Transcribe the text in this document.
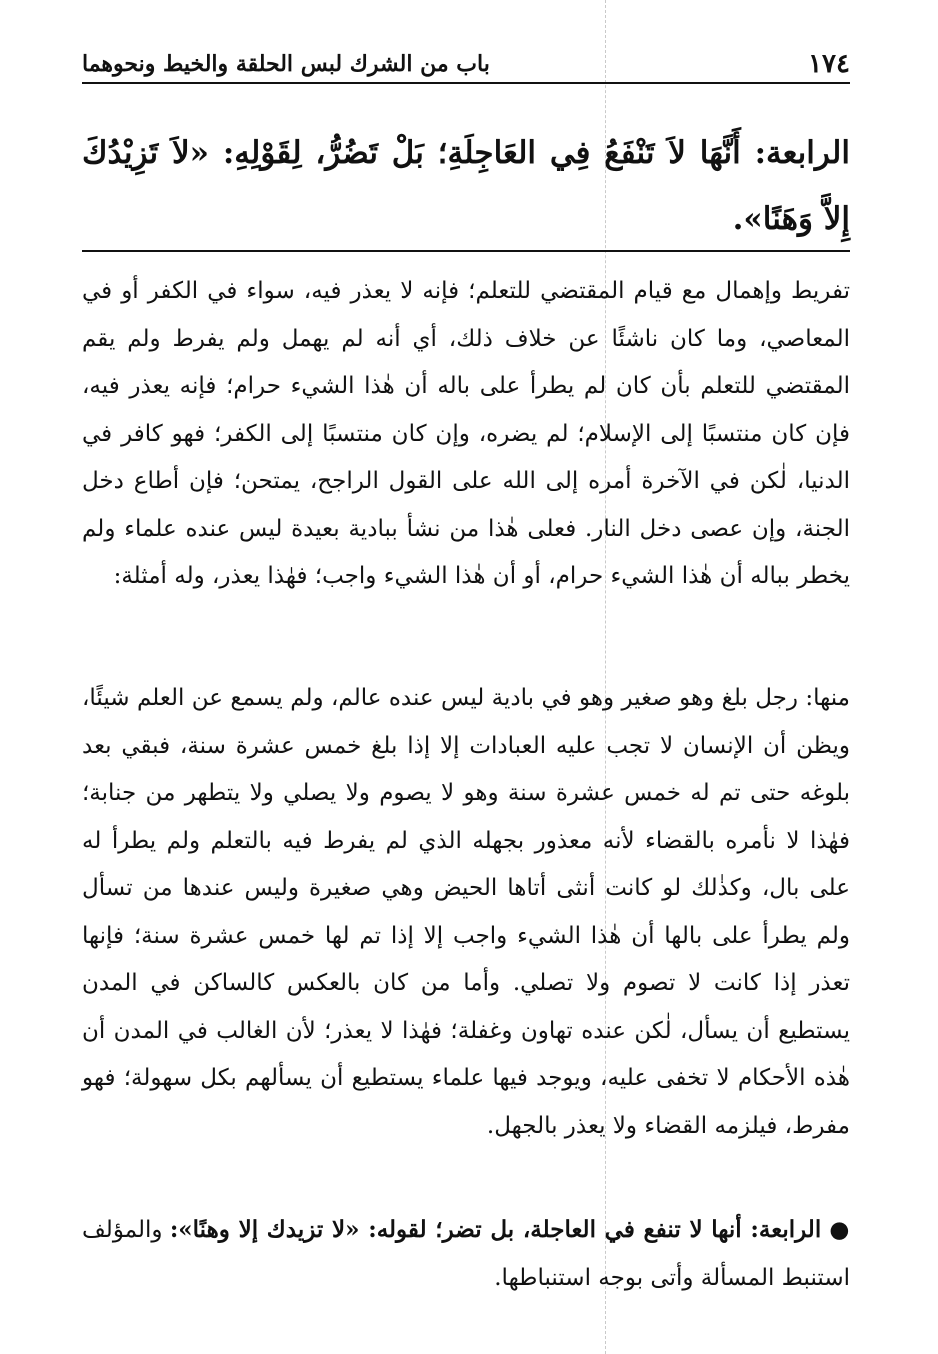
١٧٤
باب من الشرك لبس الحلقة والخيط ونحوهما
الرابعة: أَنَّهَا لاَ تَنْفَعُ فِي العَاجِلَةِ؛ بَلْ تَضُرُّ، لِقَوْلِهِ: «لاَ تَزِيْدُكَ إِلاَّ وَهَنًا».
تفريط وإهمال مع قيام المقتضي للتعلم؛ فإنه لا يعذر فيه، سواء في الكفر أو في المعاصي، وما كان ناشئًا عن خلاف ذلك، أي أنه لم يهمل ولم يفرط ولم يقم المقتضي للتعلم بأن كان لم يطرأ على باله أن هٰذا الشيء حرام؛ فإنه يعذر فيه، فإن كان منتسبًا إلى الإسلام؛ لم يضره، وإن كان منتسبًا إلى الكفر؛ فهو كافر في الدنيا، لٰكن في الآخرة أمره إلى الله على القول الراجح، يمتحن؛ فإن أطاع دخل الجنة، وإن عصى دخل النار. فعلى هٰذا من نشأ ببادية بعيدة ليس عنده علماء ولم يخطر بباله أن هٰذا الشيء حرام، أو أن هٰذا الشيء واجب؛ فهٰذا يعذر، وله أمثلة:
منها: رجل بلغ وهو صغير وهو في بادية ليس عنده عالم، ولم يسمع عن العلم شيئًا، ويظن أن الإنسان لا تجب عليه العبادات إلا إذا بلغ خمس عشرة سنة، فبقي بعد بلوغه حتى تم له خمس عشرة سنة وهو لا يصوم ولا يصلي ولا يتطهر من جنابة؛ فهٰذا لا نأمره بالقضاء لأنه معذور بجهله الذي لم يفرط فيه بالتعلم ولم يطرأ له على بال، وكذٰلك لو كانت أنثى أتاها الحيض وهي صغيرة وليس عندها من تسأل ولم يطرأ على بالها أن هٰذا الشيء واجب إلا إذا تم لها خمس عشرة سنة؛ فإنها تعذر إذا كانت لا تصوم ولا تصلي. وأما من كان بالعكس كالساكن في المدن يستطيع أن يسأل، لٰكن عنده تهاون وغفلة؛ فهٰذا لا يعذر؛ لأن الغالب في المدن أن هٰذه الأحكام لا تخفى عليه، ويوجد فيها علماء يستطيع أن يسألهم بكل سهولة؛ فهو مفرط، فيلزمه القضاء ولا يعذر بالجهل.
● الرابعة: أنها لا تنفع في العاجلة، بل تضر؛ لقوله: «لا تزيدك إلا وهنًا»: والمؤلف استنبط المسألة وأتى بوجه استنباطها.
